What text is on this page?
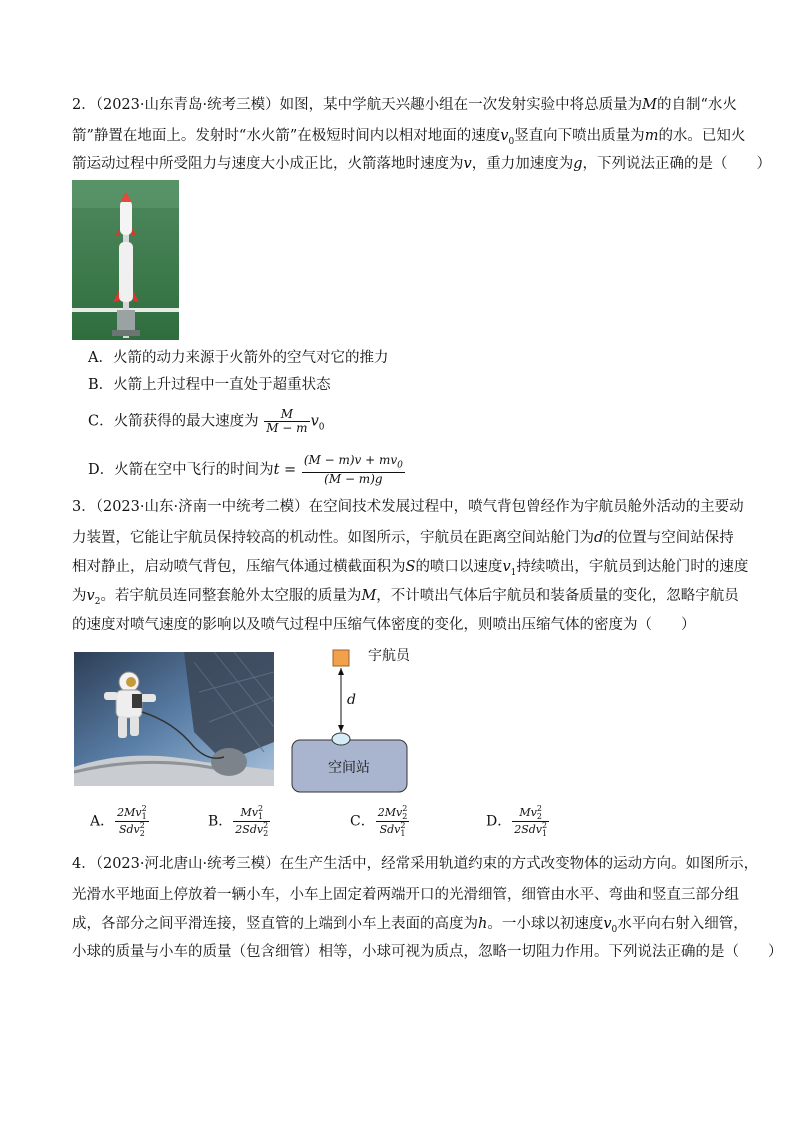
2．（2023·山东青岛·统考三模）如图，某中学航天兴趣小组在一次发射实验中将总质量为M的自制“水火
箭”静置在地面上。发射时“水火箭”在极短时间内以相对地面的速度$v_0$竖直向下喷出质量为m的水。已知火
箭运动过程中所受阻力与速度大小成正比，火箭落地时速度为v，重力加速度为g，下列说法正确的是（　　）
A．火箭的动力来源于火箭外的空气对它的推力
B．火箭上升过程中一直处于超重状态
C．火箭获得的最大速度为 $\frac{M}{M - m} v_0$
D．火箭在空中飞行的时间为$t = \frac{(M - m)v + mv_0}{(M - m)g}$
3．（2023·山东·济南一中统考二模）在空间技术发展过程中，喷气背包曾经作为宇航员舱外活动的主要动
力装置，它能让宇航员保持较高的机动性。如图所示，宇航员在距离空间站舱门为d的位置与空间站保持
相对静止，启动喷气背包，压缩气体通过横截面积为S的喷口以速度$v_1$持续喷出，宇航员到达舱门时的速度
为$v_2$。若宇航员连同整套舱外太空服的质量为M，不计喷出气体后宇航员和装备质量的变化，忽略宇航员
的速度对喷气速度的影响以及喷气过程中压缩气体密度的变化，则喷出压缩气体的密度为（　　）
d
空间站
宇航员
A． 2Mv 2
1
Sdv 2
2	B． Mv 2
1
2Sdv 2
2	C． 2Mv 2
2
Sdv 2
1	D． Mv 2
2
2Sdv 2
1
4．（2023·河北唐山·统考三模）在生产生活中，经常采用轨道约束的方式改变物体的运动方向。如图所示，
光滑水平地面上停放着一辆小车，小车上固定着两端开口的光滑细管，细管由水平、弯曲和竖直三部分组
成，各部分之间平滑连接，竖直管的上端到小车上表面的高度为h。一小球以初速度$v_0$水平向右射入细管，
小球的质量与小车的质量（包含细管）相等，小球可视为质点，忽略一切阻力作用。下列说法正确的是（　　）
